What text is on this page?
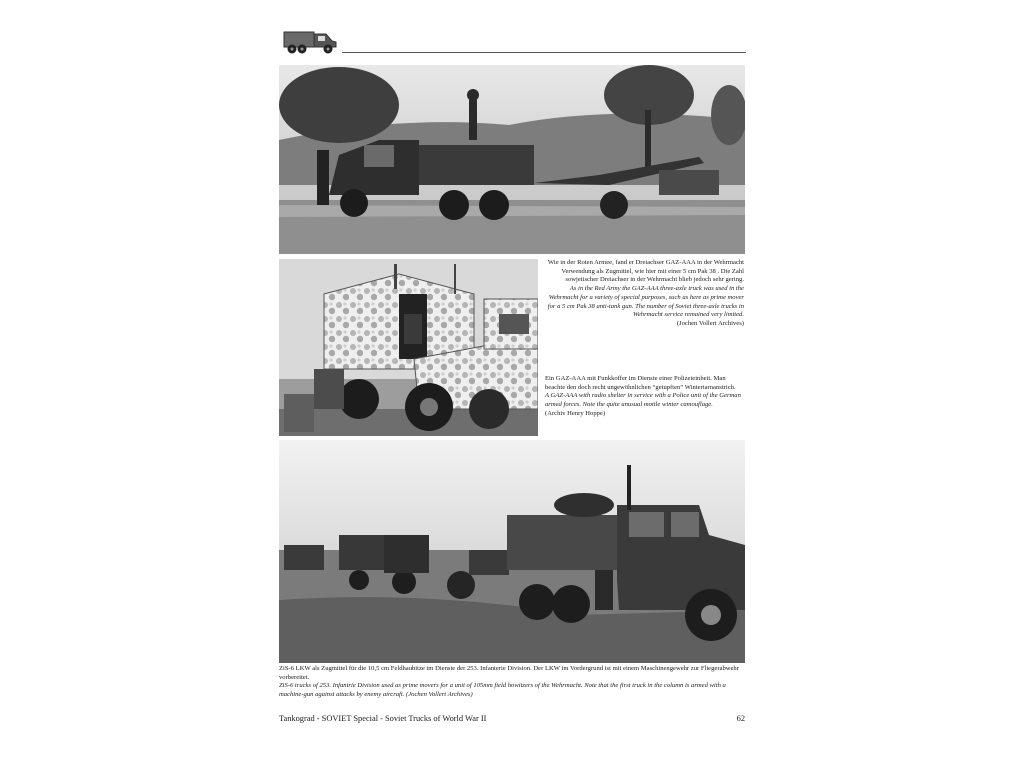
Wie in der Roten Armee, fand er Dreiachser GAZ-AAA in der Wehrmacht Verwendung als Zugmittel, wie hier mit einer 5 cm Pak 38 . Die Zahl sowjetischer Dreiachser in der Wehrmacht blieb jedoch sehr gering.

As in the Red Army the GAZ-AAA three-axle truck was used in the Wehrmacht for a variety of special purposes, such as here as prime mover for a 5 cm Pak 38 anti-tank gun. The number of Soviet three-axle trucks in Wehrmacht service remained very limited.

(Jochen Vollert Archives)

Ein GAZ-AAA mit Funkkoffer im Dienste einer Polizeieinheit. Man beachte den doch recht ungewöhnlichen “getupften” Wintertarnanstrich.

A GAZ-AAA with radio shelter in service with a Police unit of the German armed forces. Note the quite unusual mottle winter camouflage.

(Archiv Henry Hoppe)

ZiS-6 LKW als Zugmittel für die 10,5 cm Feldhaubitze im Dienste der 253. Infanterie Division. Der LKW im Vordergrund ist mit einem Maschinengewehr zur Fliegerabwehr vorbereitet.

ZiS-6 trucks of 253. Infantrie Division used as prime movers for a unit of 105mm field howitzers of the Wehrmacht. Note that the first truck in the column is armed with a machine-gun against attacks by enemy aircraft. (Jochen Vollert Archives)

Tankograd - SOVIET Special - Soviet Trucks of World War II	62
